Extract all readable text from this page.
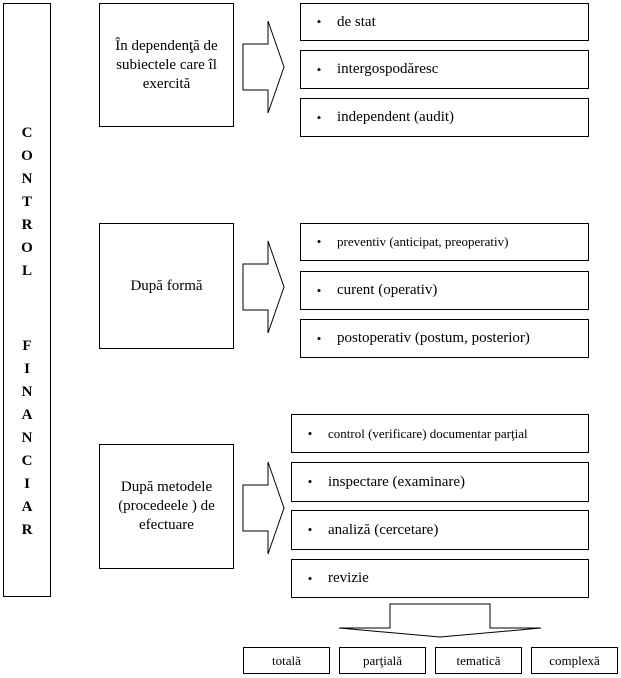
C
O
N
T
R
O
L
F
I
N
A
N
C
I
A
R
În dependenţă de subiectele care îl exercită
•	de stat
•	intergospodăresc
•	independent (audit)
După formă
•	preventiv (anticipat, preoperativ)
•	curent (operativ)
•	postoperativ (postum, posterior)
După metodele (procedeele ) de efectuare
•	control (verificare) documentar parţial
•	inspectare (examinare)
•	analiză (cercetare)
•	revizie
totală	parţială	tematică	complexă
